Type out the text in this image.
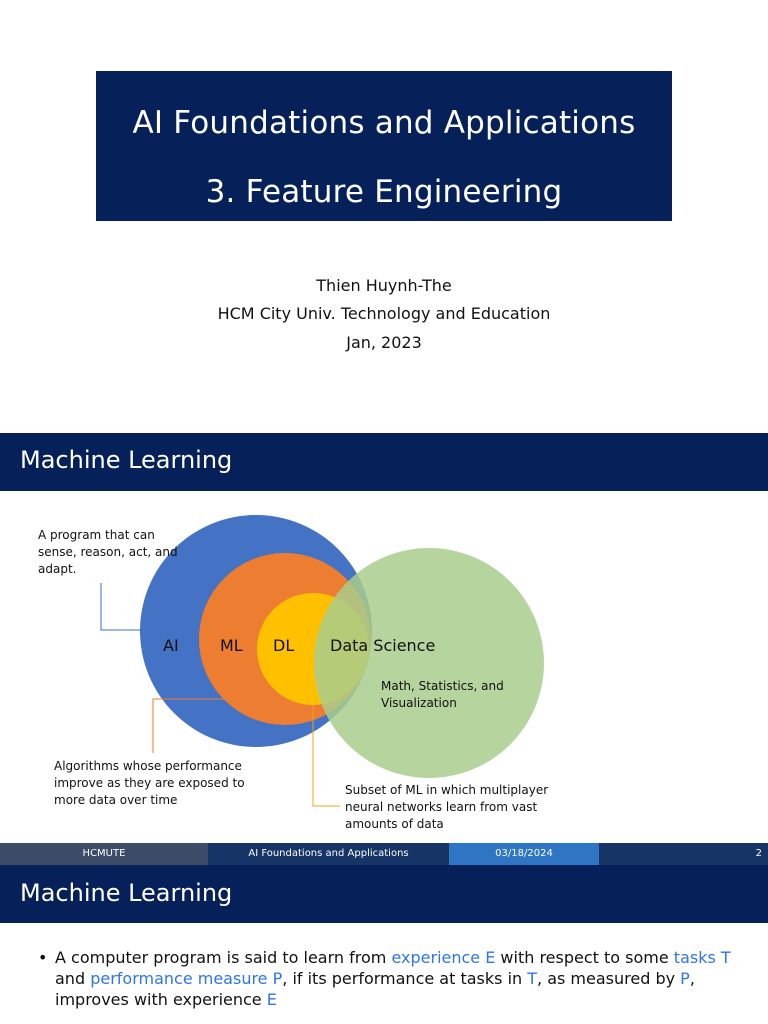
AI Foundations and Applications
3. Feature Engineering
Thien Huynh-The
HCM City Univ. Technology and Education
Jan, 2023
Machine Learning
A program that can sense, reason, act, and adapt.
Algorithms whose performance improve as they are exposed to more data over time
Subset of ML in which multiplayer neural networks learn from vast amounts of data
Math, Statistics, and Visualization
AI	ML DL Data Science
HCMUTE	AI Foundations and Applications	03/18/2024	2
Machine Learning
• A computer program is said to learn from experience E with respect to some tasks T and performance measure P, if its performance at tasks in T, as measured by P, improves with experience E
